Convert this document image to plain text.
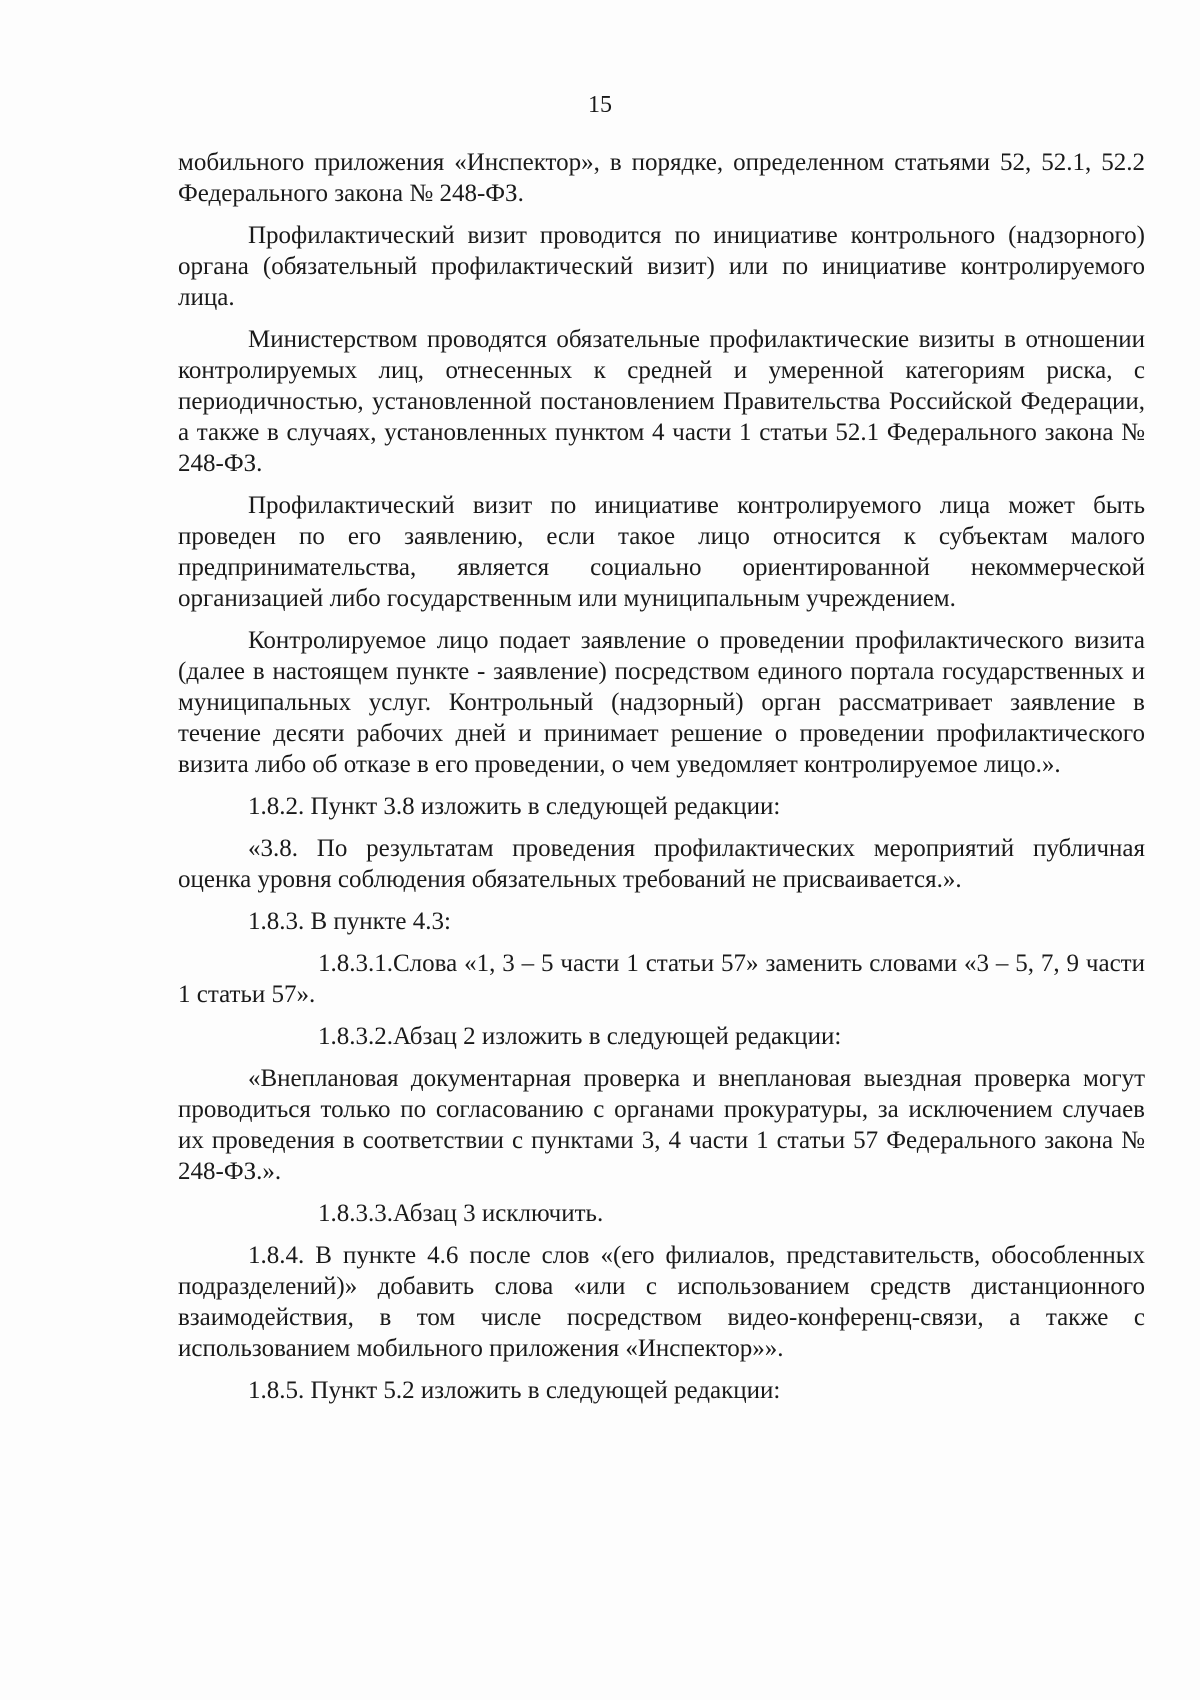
15

мобильного приложения «Инспектор», в порядке, определенном статьями 52, 52.1, 52.2 Федерального закона № 248-ФЗ.

Профилактический визит проводится по инициативе контрольного (надзорного) органа (обязательный профилактический визит) или по инициативе контролируемого лица.

Министерством проводятся обязательные профилактические визиты в отношении контролируемых лиц, отнесенных к средней и умеренной категориям риска, с периодичностью, установленной постановлением Правительства Российской Федерации, а также в случаях, установленных пунктом 4 части 1 статьи 52.1 Федерального закона № 248-ФЗ.

Профилактический визит по инициативе контролируемого лица может быть проведен по его заявлению, если такое лицо относится к субъектам малого предпринимательства, является социально ориентированной некоммерческой организацией либо государственным или муниципальным учреждением.

Контролируемое лицо подает заявление о проведении профилактического визита (далее в настоящем пункте - заявление) посредством единого портала государственных и муниципальных услуг. Контрольный (надзорный) орган рассматривает заявление в течение десяти рабочих дней и принимает решение о проведении профилактического визита либо об отказе в его проведении, о чем уведомляет контролируемое лицо.».

1.8.2. Пункт 3.8 изложить в следующей редакции:

«3.8. По результатам проведения профилактических мероприятий публичная оценка уровня соблюдения обязательных требований не присваивается.».

1.8.3. В пункте 4.3:

1.8.3.1.Слова «1, 3 – 5 части 1 статьи 57» заменить словами «3 – 5, 7, 9 части 1 статьи 57».

1.8.3.2.Абзац 2 изложить в следующей редакции:

«Внеплановая документарная проверка и внеплановая выездная проверка могут проводиться только по согласованию с органами прокуратуры, за исключением случаев их проведения в соответствии с пунктами 3, 4 части 1 статьи 57 Федерального закона № 248-ФЗ.».

1.8.3.3.Абзац 3 исключить.

1.8.4. В пункте 4.6 после слов «(его филиалов, представительств, обособленных подразделений)» добавить слова «или с использованием средств дистанционного взаимодействия, в том числе посредством видео-конференц-связи, а также с использованием мобильного приложения «Инспектор»».

1.8.5. Пункт 5.2 изложить в следующей редакции:
